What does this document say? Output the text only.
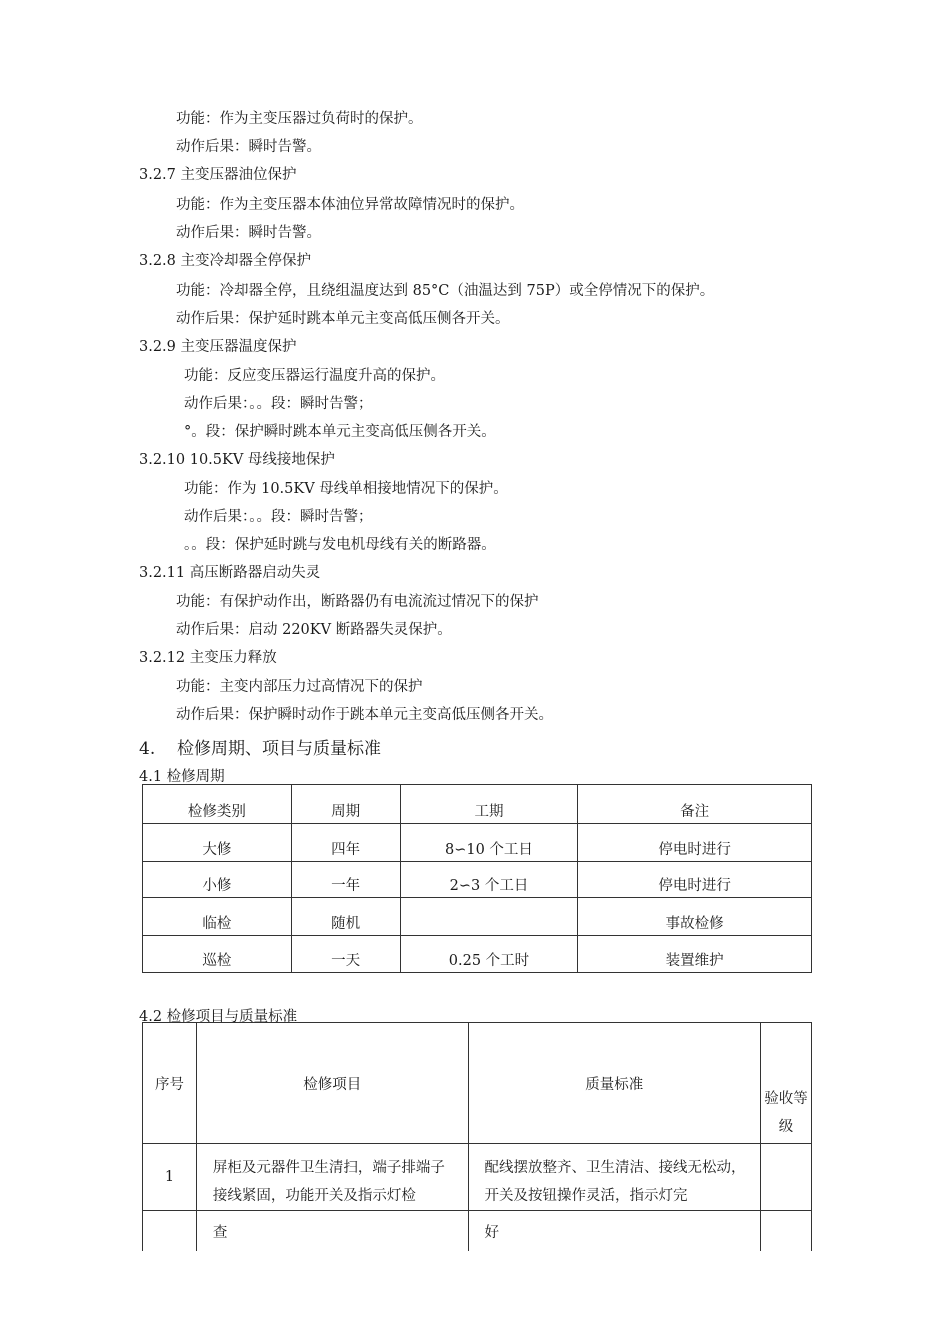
功能：作为主变压器过负荷时的保护。
动作后果：瞬时告警。
3.2.7 主变压器油位保护
功能：作为主变压器本体油位异常故障情况时的保护。
动作后果：瞬时告警。
3.2.8 主变冷却器全停保护
功能：冷却器全停，且绕组温度达到 85°C（油温达到 75P）或全停情况下的保护。
动作后果：保护延时跳本单元主变高低压侧各开关。
3.2.9 主变压器温度保护
功能：反应变压器运行温度升高的保护。
动作后果：。。段：瞬时告警；
°。段：保护瞬时跳本单元主变高低压侧各开关。
3.2.10 10.5KV 母线接地保护
功能：作为 10.5KV 母线单相接地情况下的保护。
动作后果：。。段：瞬时告警；
。。段：保护延时跳与发电机母线有关的断路器。
3.2.11 高压断路器启动失灵
功能：有保护动作出，断路器仍有电流流过情况下的保护
动作后果：启动 220KV 断路器失灵保护。
3.2.12 主变压力释放
功能：主变内部压力过高情况下的保护
动作后果：保护瞬时动作于跳本单元主变高低压侧各开关。
4. 检修周期、项目与质量标准
4.1 检修周期
检修类别	周期	工期	备注
大修	四年	8∽10 个工日	停电时进行
小修	一年	2∽3 个工日	停电时进行
临检	随机		事故检修
巡检	一天	0.25 个工时	装置维护
4.2 检修项目与质量标准
序号	检修项目	质量标准	验收等级
1	屏柜及元器件卫生清扫，端子排端子接线紧固，功能开关及指示灯检	配线摆放整齐、卫生清洁、接线无松动，开关及按钮操作灵活，指示灯完	
	查	好	
